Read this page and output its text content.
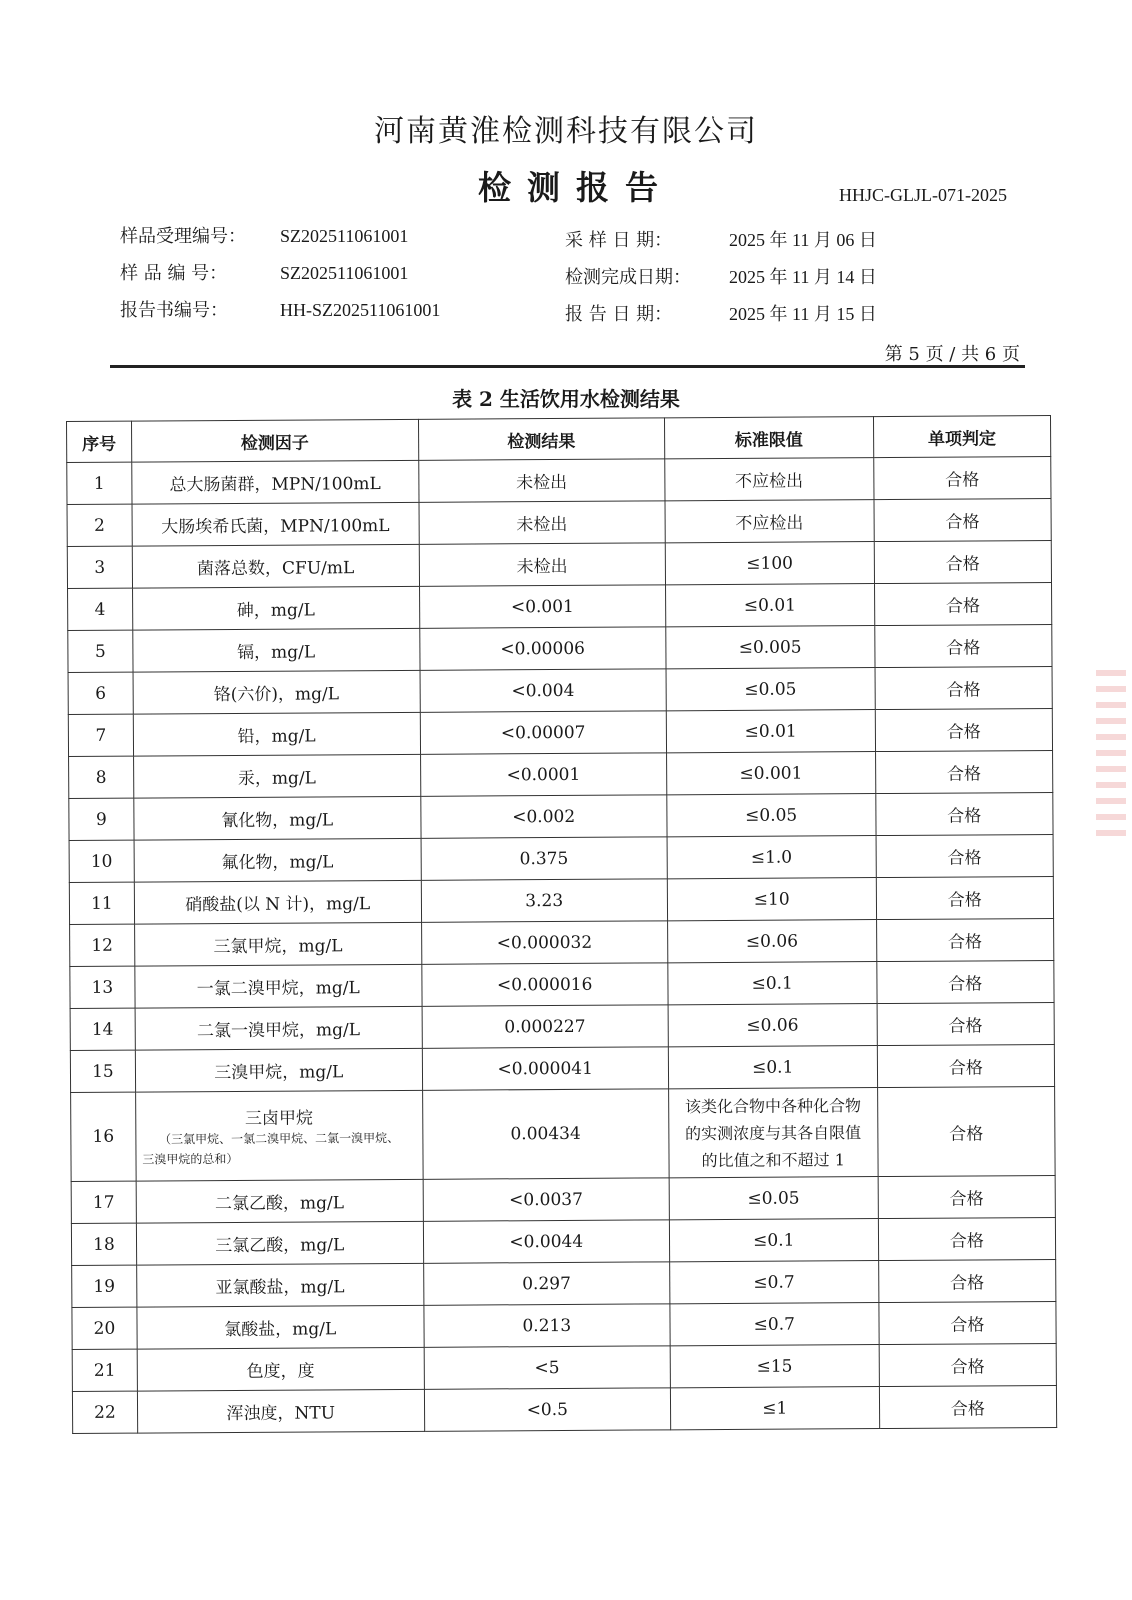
河南黄淮检测科技有限公司
检测报告	HHJC-GLJL-071-2025
样品受理编号： SZ202511061001
样 品 编 号：	SZ202511061001
报告书编号：	HH-SZ202511061001
采 样 日 期：	2025 年 11 月 06 日
检测完成日期： 2025 年 11 月 14 日
报 告 日 期：	2025 年 11 月 15 日
第 5 页 / 共 6 页
表 2 生活饮用水检测结果
序号	检测因子	检测结果	标准限值	单项判定
1	总大肠菌群，MPN/100mL	未检出	不应检出	合格
2	大肠埃希氏菌，MPN/100mL	未检出	不应检出	合格
3	菌落总数，CFU/mL	未检出	≤100	合格
4	砷，mg/L	<0.001	≤0.01	合格
5	镉，mg/L	<0.00006	≤0.005	合格
6	铬(六价)，mg/L	<0.004	≤0.05	合格
7	铅，mg/L	<0.00007	≤0.01	合格
8	汞，mg/L	<0.0001	≤0.001	合格
9	氰化物，mg/L	<0.002	≤0.05	合格
10	氟化物，mg/L	0.375	≤1.0	合格
11	硝酸盐(以 N 计)，mg/L	3.23	≤10	合格
12	三氯甲烷，mg/L	<0.000032	≤0.06	合格
13	一氯二溴甲烷，mg/L	<0.000016	≤0.1	合格
14	二氯一溴甲烷，mg/L	0.000227	≤0.06	合格
15	三溴甲烷，mg/L	<0.000041	≤0.1	合格
16	三卤甲烷
（三氯甲烷、一氯二溴甲烷、二氯一溴甲烷、
三溴甲烷的总和）	0.00434	该类化合物中各种化合物
的实测浓度与其各自限值
的比值之和不超过 1	合格
17	二氯乙酸，mg/L	<0.0037	≤0.05	合格
18	三氯乙酸，mg/L	<0.0044	≤0.1	合格
19	亚氯酸盐，mg/L	0.297	≤0.7	合格
20	氯酸盐，mg/L	0.213	≤0.7	合格
21	色度，度	<5	≤15	合格
22	浑浊度，NTU	<0.5	≤1	合格
